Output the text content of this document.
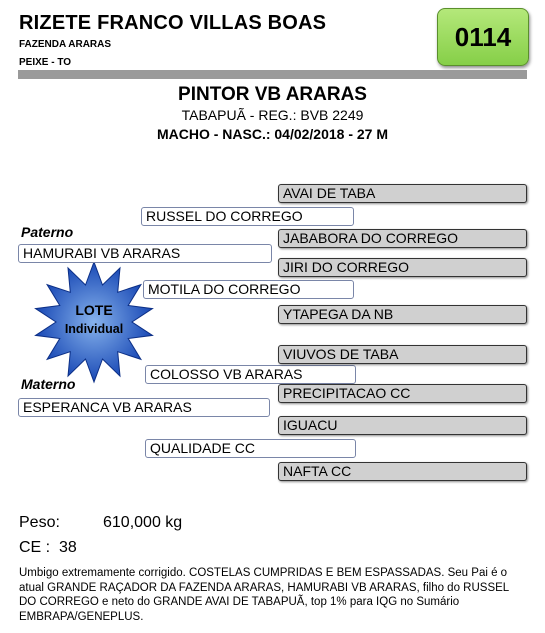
RIZETE FRANCO VILLAS BOAS
FAZENDA ARARAS
PEIXE - TO
0114
PINTOR VB ARARAS
TABAPUÃ - REG.: BVB 2249
MACHO - NASC.: 04/02/2018 - 27 M
LOTE
Individual
Paterno
Materno
HAMURABI VB ARARAS
ESPERANCA VB ARARAS
RUSSEL DO CORREGO
MOTILA DO CORREGO
COLOSSO VB ARARAS
QUALIDADE CC
AVAI DE TABA
JABABORA DO CORREGO
JIRI DO CORREGO
YTAPEGA DA NB
VIUVOS DE TABA
PRECIPITACAO CC
IGUACU
NAFTA CC
Peso:	610,000 kg
CE : 38
Umbigo extremamente corrigido. COSTELAS CUMPRIDAS E BEM ESPASSADAS. Seu Pai é o atual GRANDE RAÇADOR DA FAZENDA ARARAS, HAMURABI VB ARARAS, filho do RUSSEL DO CORREGO e neto do GRANDE AVAI DE TABAPUÃ, top 1% para IQG no Sumário EMBRAPA/GENEPLUS.
